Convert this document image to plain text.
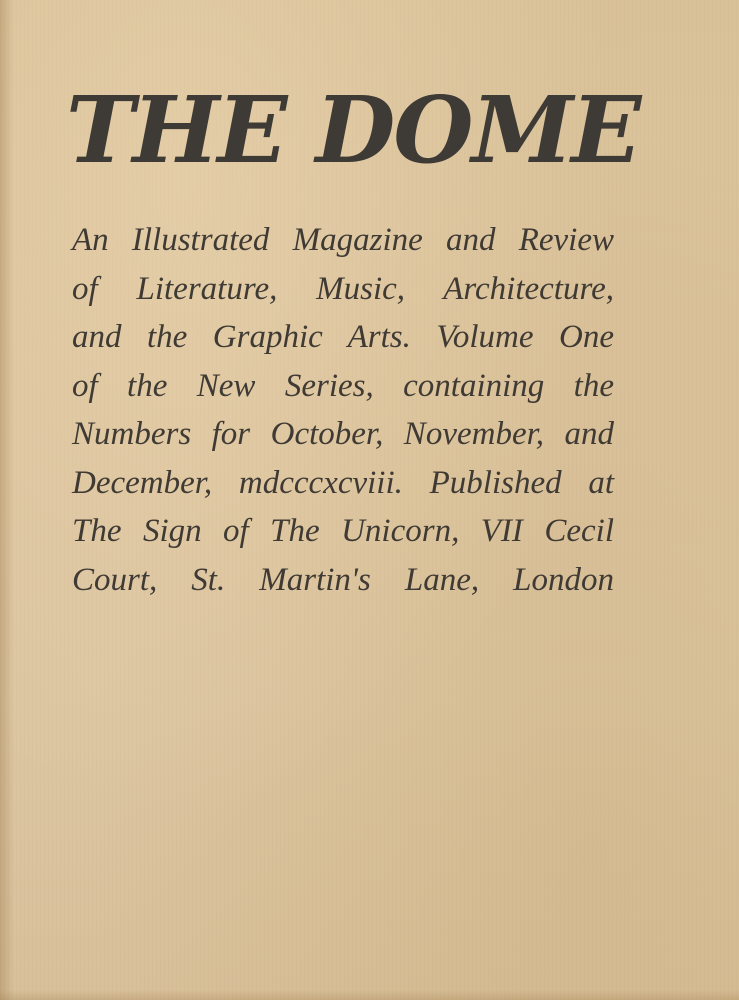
THE DOME
An Illustrated Magazine and Review
of Literature, Music, Architecture,
and the Graphic Arts. Volume One
of the New Series, containing the
Numbers for October, November, and
December, mdcccxcviii. Published at
The Sign of The Unicorn, VII Cecil
Court, St. Martin's Lane, London
